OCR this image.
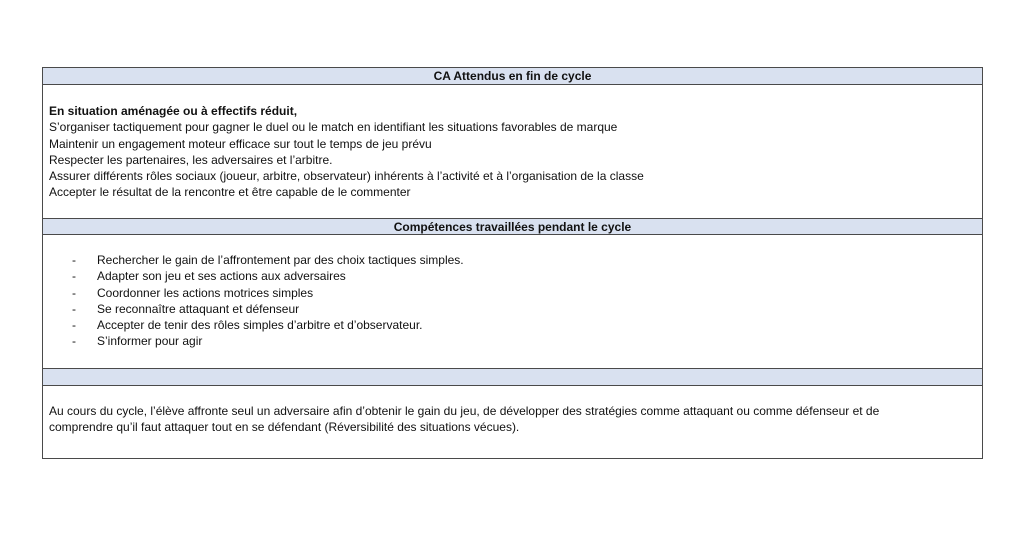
CA Attendus en fin de cycle
En situation aménagée ou à effectifs réduit,
S’organiser tactiquement pour gagner le duel ou le match en identifiant les situations favorables de marque
Maintenir un engagement moteur efficace sur tout le temps de jeu prévu
Respecter les partenaires, les adversaires et l’arbitre.
Assurer différents rôles sociaux (joueur, arbitre, observateur) inhérents à l’activité et à l’organisation de la classe
Accepter le résultat de la rencontre et être capable de le commenter
Compétences travaillées pendant le cycle
- Rechercher le gain de l’affrontement par des choix tactiques simples.
- Adapter son jeu et ses actions aux adversaires
- Coordonner les actions motrices simples
- Se reconnaître attaquant et défenseur
- Accepter de tenir des rôles simples d’arbitre et d’observateur.
- S’informer pour agir
Au cours du cycle, l’élève affronte seul un adversaire afin d’obtenir le gain du jeu, de développer des stratégies comme attaquant ou comme défenseur et de comprendre qu’il faut attaquer tout en se défendant (Réversibilité des situations vécues).
